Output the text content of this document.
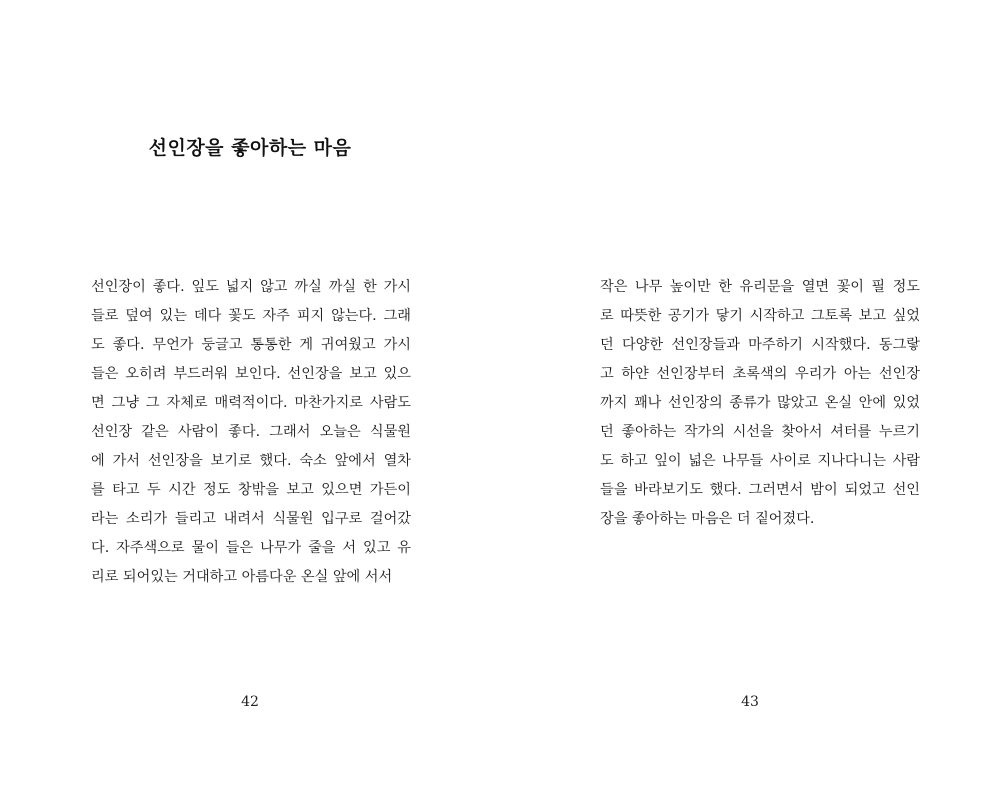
선인장을 좋아하는 마음
선인장이 좋다. 잎도 넓지 않고 까실 까실 한 가시
들로 덮여 있는 데다 꽃도 자주 피지 않는다. 그래
도 좋다. 무언가 둥글고 통통한 게 귀여웠고 가시
들은 오히려 부드러워 보인다. 선인장을 보고 있으
면 그냥 그 자체로 매력적이다. 마찬가지로 사람도
선인장 같은 사람이 좋다. 그래서 오늘은 식물원
에 가서 선인장을 보기로 했다. 숙소 앞에서 열차
를 타고 두 시간 정도 창밖을 보고 있으면 가든이
라는 소리가 들리고 내려서 식물원 입구로 걸어갔
다. 자주색으로 물이 들은 나무가 줄을 서 있고 유
리로 되어있는 거대하고 아름다운 온실 앞에 서서

42

작은 나무 높이만 한 유리문을 열면 꽃이 필 정도
로 따뜻한 공기가 닿기 시작하고 그토록 보고 싶었
던 다양한 선인장들과 마주하기 시작했다. 동그랗
고 하얀 선인장부터 초록색의 우리가 아는 선인장
까지 꽤나 선인장의 종류가 많았고 온실 안에 있었
던 좋아하는 작가의 시선을 찾아서 셔터를 누르기
도 하고 잎이 넓은 나무들 사이로 지나다니는 사람
들을 바라보기도 했다. 그러면서 밤이 되었고 선인
장을 좋아하는 마음은 더 짙어졌다.

43
